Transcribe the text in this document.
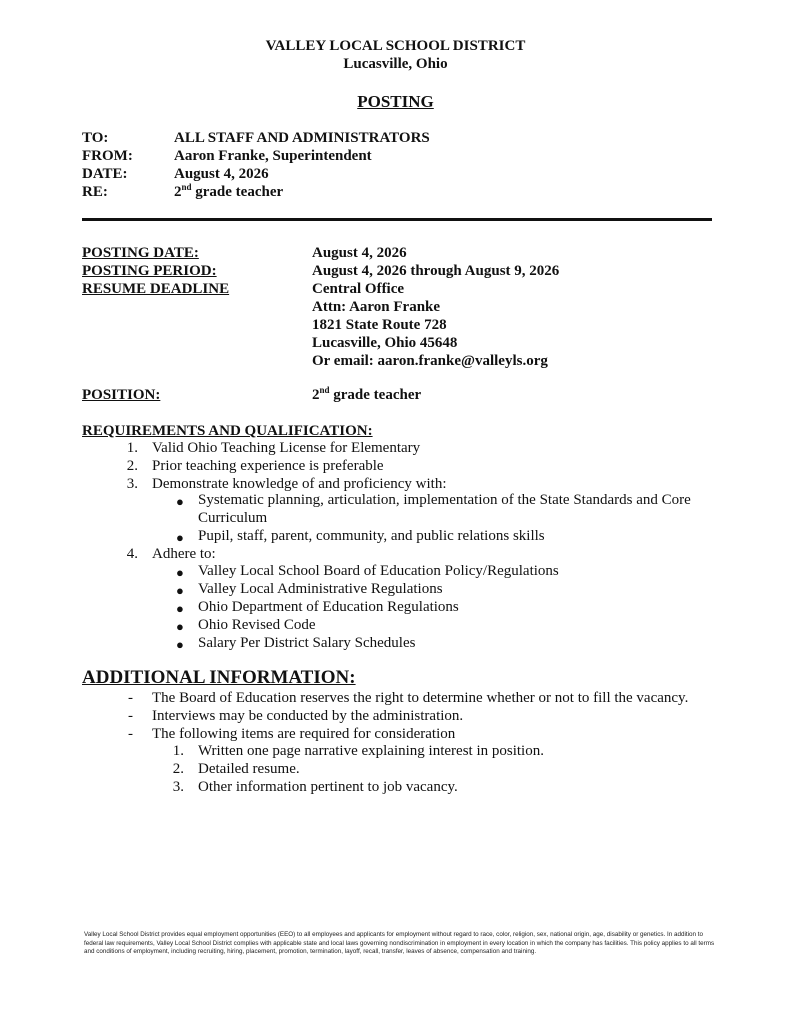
VALLEY LOCAL SCHOOL DISTRICT
Lucasville, Ohio
POSTING
TO:	ALL STAFF AND ADMINISTRATORS
FROM:	Aaron Franke, Superintendent
DATE:	August 4, 2026
RE:	2nd grade teacher
POSTING DATE:	August 4, 2026
POSTING PERIOD:	August 4, 2026 through August 9, 2026
RESUME DEADLINE	Central Office
Attn: Aaron Franke
1821 State Route 728
Lucasville, Ohio 45648
Or email: aaron.franke@valleyls.org
POSITION:	2nd grade teacher
REQUIREMENTS AND QUALIFICATION:
1. Valid Ohio Teaching License for Elementary
2. Prior teaching experience is preferable
3. Demonstrate knowledge of and proficiency with:
● Systematic planning, articulation, implementation of the State Standards and Core
Curriculum
● Pupil, staff, parent, community, and public relations skills
4. Adhere to:
● Valley Local School Board of Education Policy/Regulations
● Valley Local Administrative Regulations
● Ohio Department of Education Regulations
● Ohio Revised Code
● Salary Per District Salary Schedules
ADDITIONAL INFORMATION:
- The Board of Education reserves the right to determine whether or not to fill the vacancy.
- Interviews may be conducted by the administration.
- The following items are required for consideration
1. Written one page narrative explaining interest in position.
2. Detailed resume.
3. Other information pertinent to job vacancy.
Valley Local School District provides equal employment opportunities (EEO) to all employees and applicants for employment without regard to race, color, religion, sex, national origin, age, disability or genetics. In addition to federal law requirements, Valley Local School District complies with applicable state and local laws governing nondiscrimination in employment in every location in which the company has facilities. This policy applies to all terms and conditions of employment, including recruiting, hiring, placement, promotion, termination, layoff, recall, transfer, leaves of absence, compensation and training.
